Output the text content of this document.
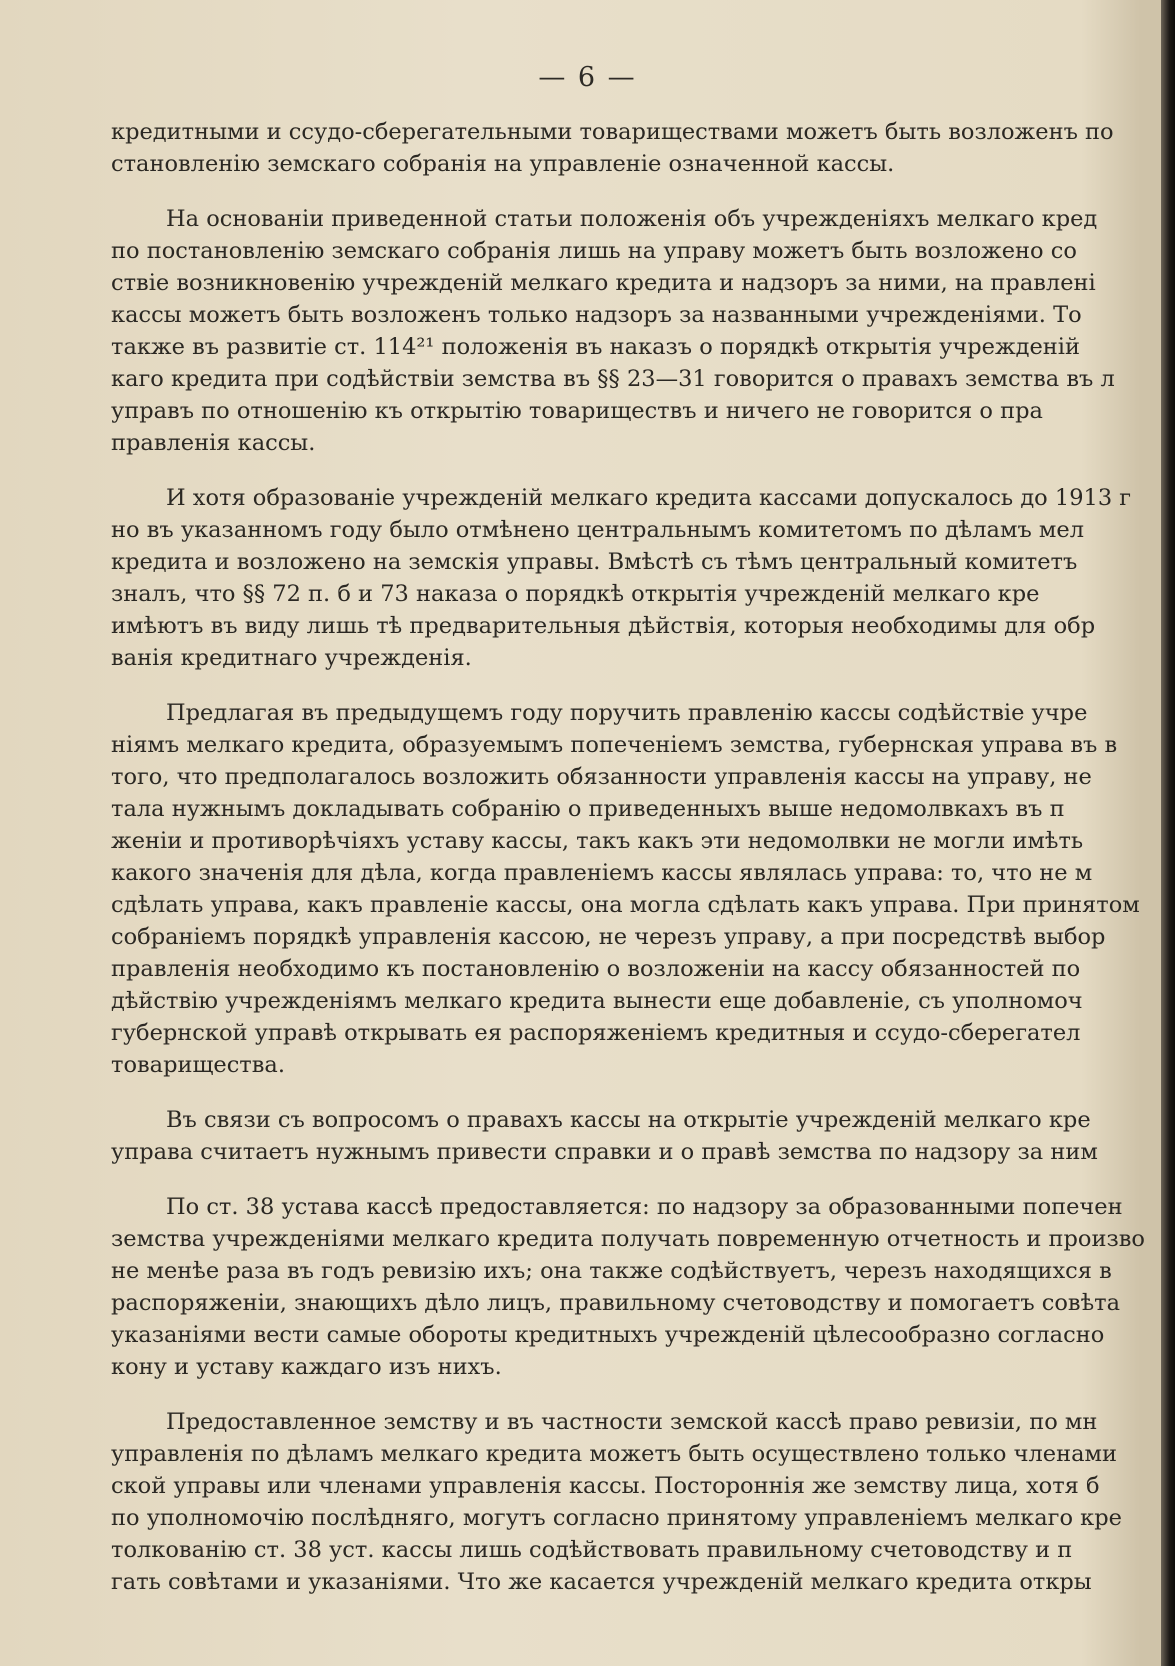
— 6 —
кредитными и ссудо-сберегательными товариществами можетъ быть возложенъ по
становленію земскаго собранія на управленіе означенной кассы.
На основаніи приведенной статьи положенія объ учрежденіяхъ мелкаго кред
по постановленію земскаго собранія лишь на управу можетъ быть возложено со
ствіе возникновенію учрежденій мелкаго кредита и надзоръ за ними, на правлені
кассы можетъ быть возложенъ только надзоръ за названными учрежденіями. То
также въ развитіе ст. 114²¹ положенія въ наказъ о порядкѣ открытія учрежденій
каго кредита при содѣйствіи земства въ §§ 23—31 говорится о правахъ земства въ л
управъ по отношенію къ открытію товариществъ и ничего не говорится о пра
правленія кассы.
И хотя образованіе учрежденій мелкаго кредита кассами допускалось до 1913 г
но въ указанномъ году было отмѣнено центральнымъ комитетомъ по дѣламъ мел
кредита и возложено на земскія управы. Вмѣстѣ съ тѣмъ центральный комитетъ
зналъ, что §§ 72 п. б и 73 наказа о порядкѣ открытія учрежденій мелкаго кре
имѣютъ въ виду лишь тѣ предварительныя дѣйствія, которыя необходимы для обр
ванія кредитнаго учрежденія.
Предлагая въ предыдущемъ году поручить правленію кассы содѣйствіе учре
ніямъ мелкаго кредита, образуемымъ попеченіемъ земства, губернская управа въ в
того, что предполагалось возложить обязанности управленія кассы на управу, не
тала нужнымъ докладывать собранію о приведенныхъ выше недомолвкахъ въ п
женіи и противорѣчіяхъ уставу кассы, такъ какъ эти недомолвки не могли имѣть
какого значенія для дѣла, когда правленіемъ кассы являлась управа: то, что не м
сдѣлать управа, какъ правленіе кассы, она могла сдѣлать какъ управа. При принятом
собраніемъ порядкѣ управленія кассою, не черезъ управу, а при посредствѣ выбор
правленія необходимо къ постановленію о возложеніи на кассу обязанностей по
дѣйствію учрежденіямъ мелкаго кредита вынести еще добавленіе, съ уполномоч
губернской управѣ открывать ея распоряженіемъ кредитныя и ссудо-сберегател
товарищества.
Въ связи съ вопросомъ о правахъ кассы на открытіе учрежденій мелкаго кре
управа считаетъ нужнымъ привести справки и о правѣ земства по надзору за ним
По ст. 38 устава кассѣ предоставляется: по надзору за образованными попечен
земства учрежденіями мелкаго кредита получать повременную отчетность и произво
не менѣе раза въ годъ ревизію ихъ; она также содѣйствуетъ, черезъ находящихся в
распоряженіи, знающихъ дѣло лицъ, правильному счетоводству и помогаетъ совѣта
указаніями вести самые обороты кредитныхъ учрежденій цѣлесообразно согласно
кону и уставу каждаго изъ нихъ.
Предоставленное земству и въ частности земской кассѣ право ревизіи, по мн
управленія по дѣламъ мелкаго кредита можетъ быть осуществлено только членами
ской управы или членами управленія кассы. Постороннія же земству лица, хотя б
по уполномочію послѣдняго, могутъ согласно принятому управленіемъ мелкаго кре
толкованію ст. 38 уст. кассы лишь содѣйствовать правильному счетоводству и п
гать совѣтами и указаніями. Что же касается учрежденій мелкаго кредита откры
